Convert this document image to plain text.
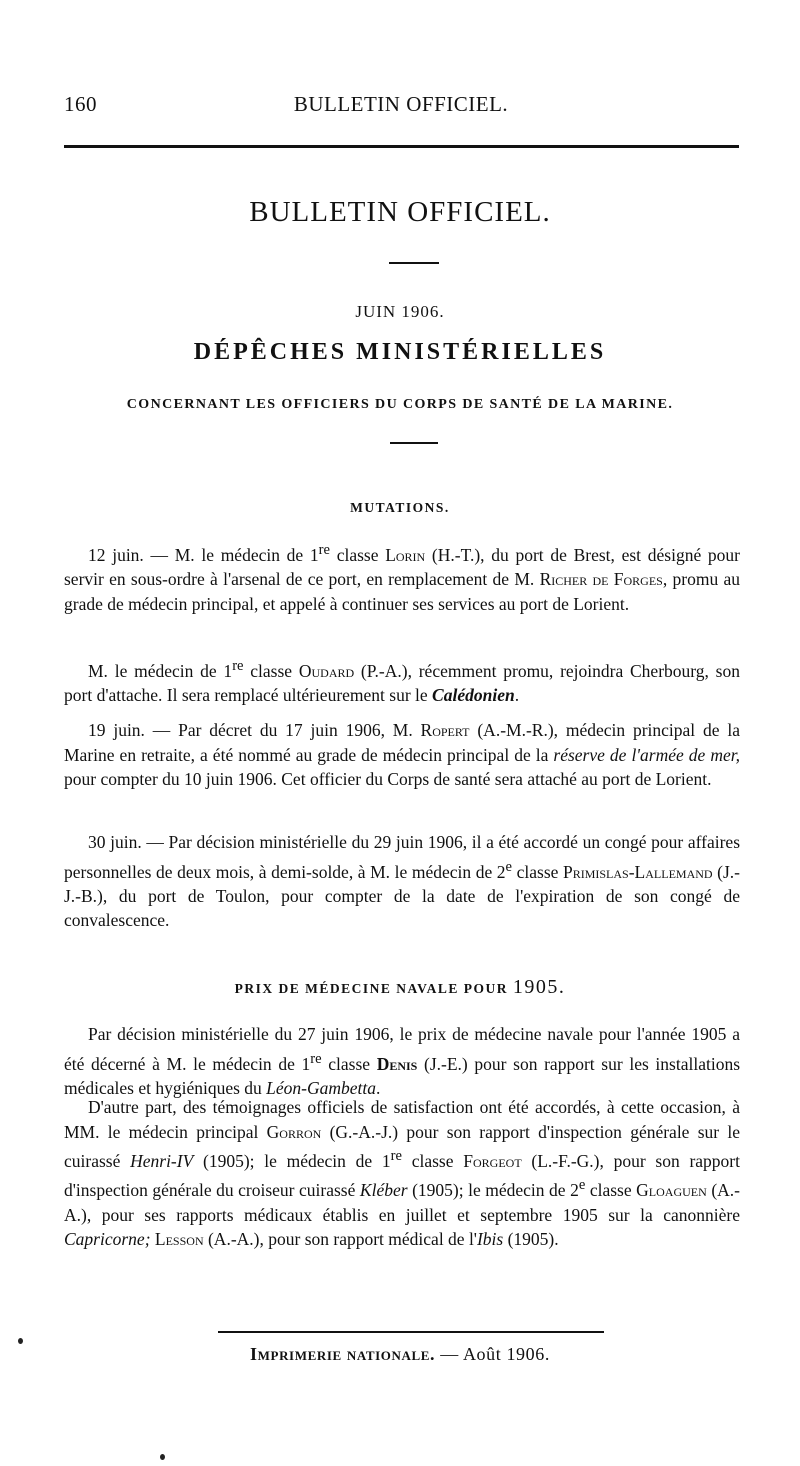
160	BULLETIN OFFICIEL.
BULLETIN OFFICIEL.
JUIN 1906.
DÉPÊCHES MINISTÉRIELLES
CONCERNANT LES OFFICIERS DU CORPS DE SANTÉ DE LA MARINE.
MUTATIONS.

12 juin. — M. le médecin de 1re classe Lorin (H.-T.), du port de Brest, est désigné pour servir en sous-ordre à l'arsenal de ce port, en remplacement de M. Richer de Forges, promu au grade de médecin principal, et appelé à continuer ses services au port de Lorient.

M. le médecin de 1re classe Oudard (P.-A.), récemment promu, rejoindra Cherbourg, son port d'attache. Il sera remplacé ultérieurement sur le Calédonien.

19 juin. — Par décret du 17 juin 1906, M. Ropert (A.-M.-R.), médecin principal de la Marine en retraite, a été nommé au grade de médecin principal de la réserve de l'armée de mer, pour compter du 10 juin 1906. Cet officier du Corps de santé sera attaché au port de Lorient.

30 juin. — Par décision ministérielle du 29 juin 1906, il a été accordé un congé pour affaires personnelles de deux mois, à demi-solde, à M. le médecin de 2e classe Primislas-Lallemand (J.-J.-B.), du port de Toulon, pour compter de la date de l'expiration de son congé de convalescence.

PRIX DE MÉDECINE NAVALE POUR 1905.

Par décision ministérielle du 27 juin 1906, le prix de médecine navale pour l'année 1905 a été décerné à M. le médecin de 1re classe Denis (J.-E.) pour son rapport sur les installations médicales et hygiéniques du Léon-Gambetta.

D'autre part, des témoignages officiels de satisfaction ont été accordés, à cette occasion, à MM. le médecin principal Gorron (G.-A.-J.) pour son rapport d'inspection générale sur le cuirassé Henri-IV (1905); le médecin de 1re classe Forgeot (L.-F.-G.), pour son rapport d'inspection générale du croiseur cuirassé Kléber (1905); le médecin de 2e classe Gloaguen (A.-A.), pour ses rapports médicaux établis en juillet et septembre 1905 sur la canonnière Capricorne; Lesson (A.-A.), pour son rapport médical de l'Ibis (1905).

Imprimerie nationale. — Août 1906.
